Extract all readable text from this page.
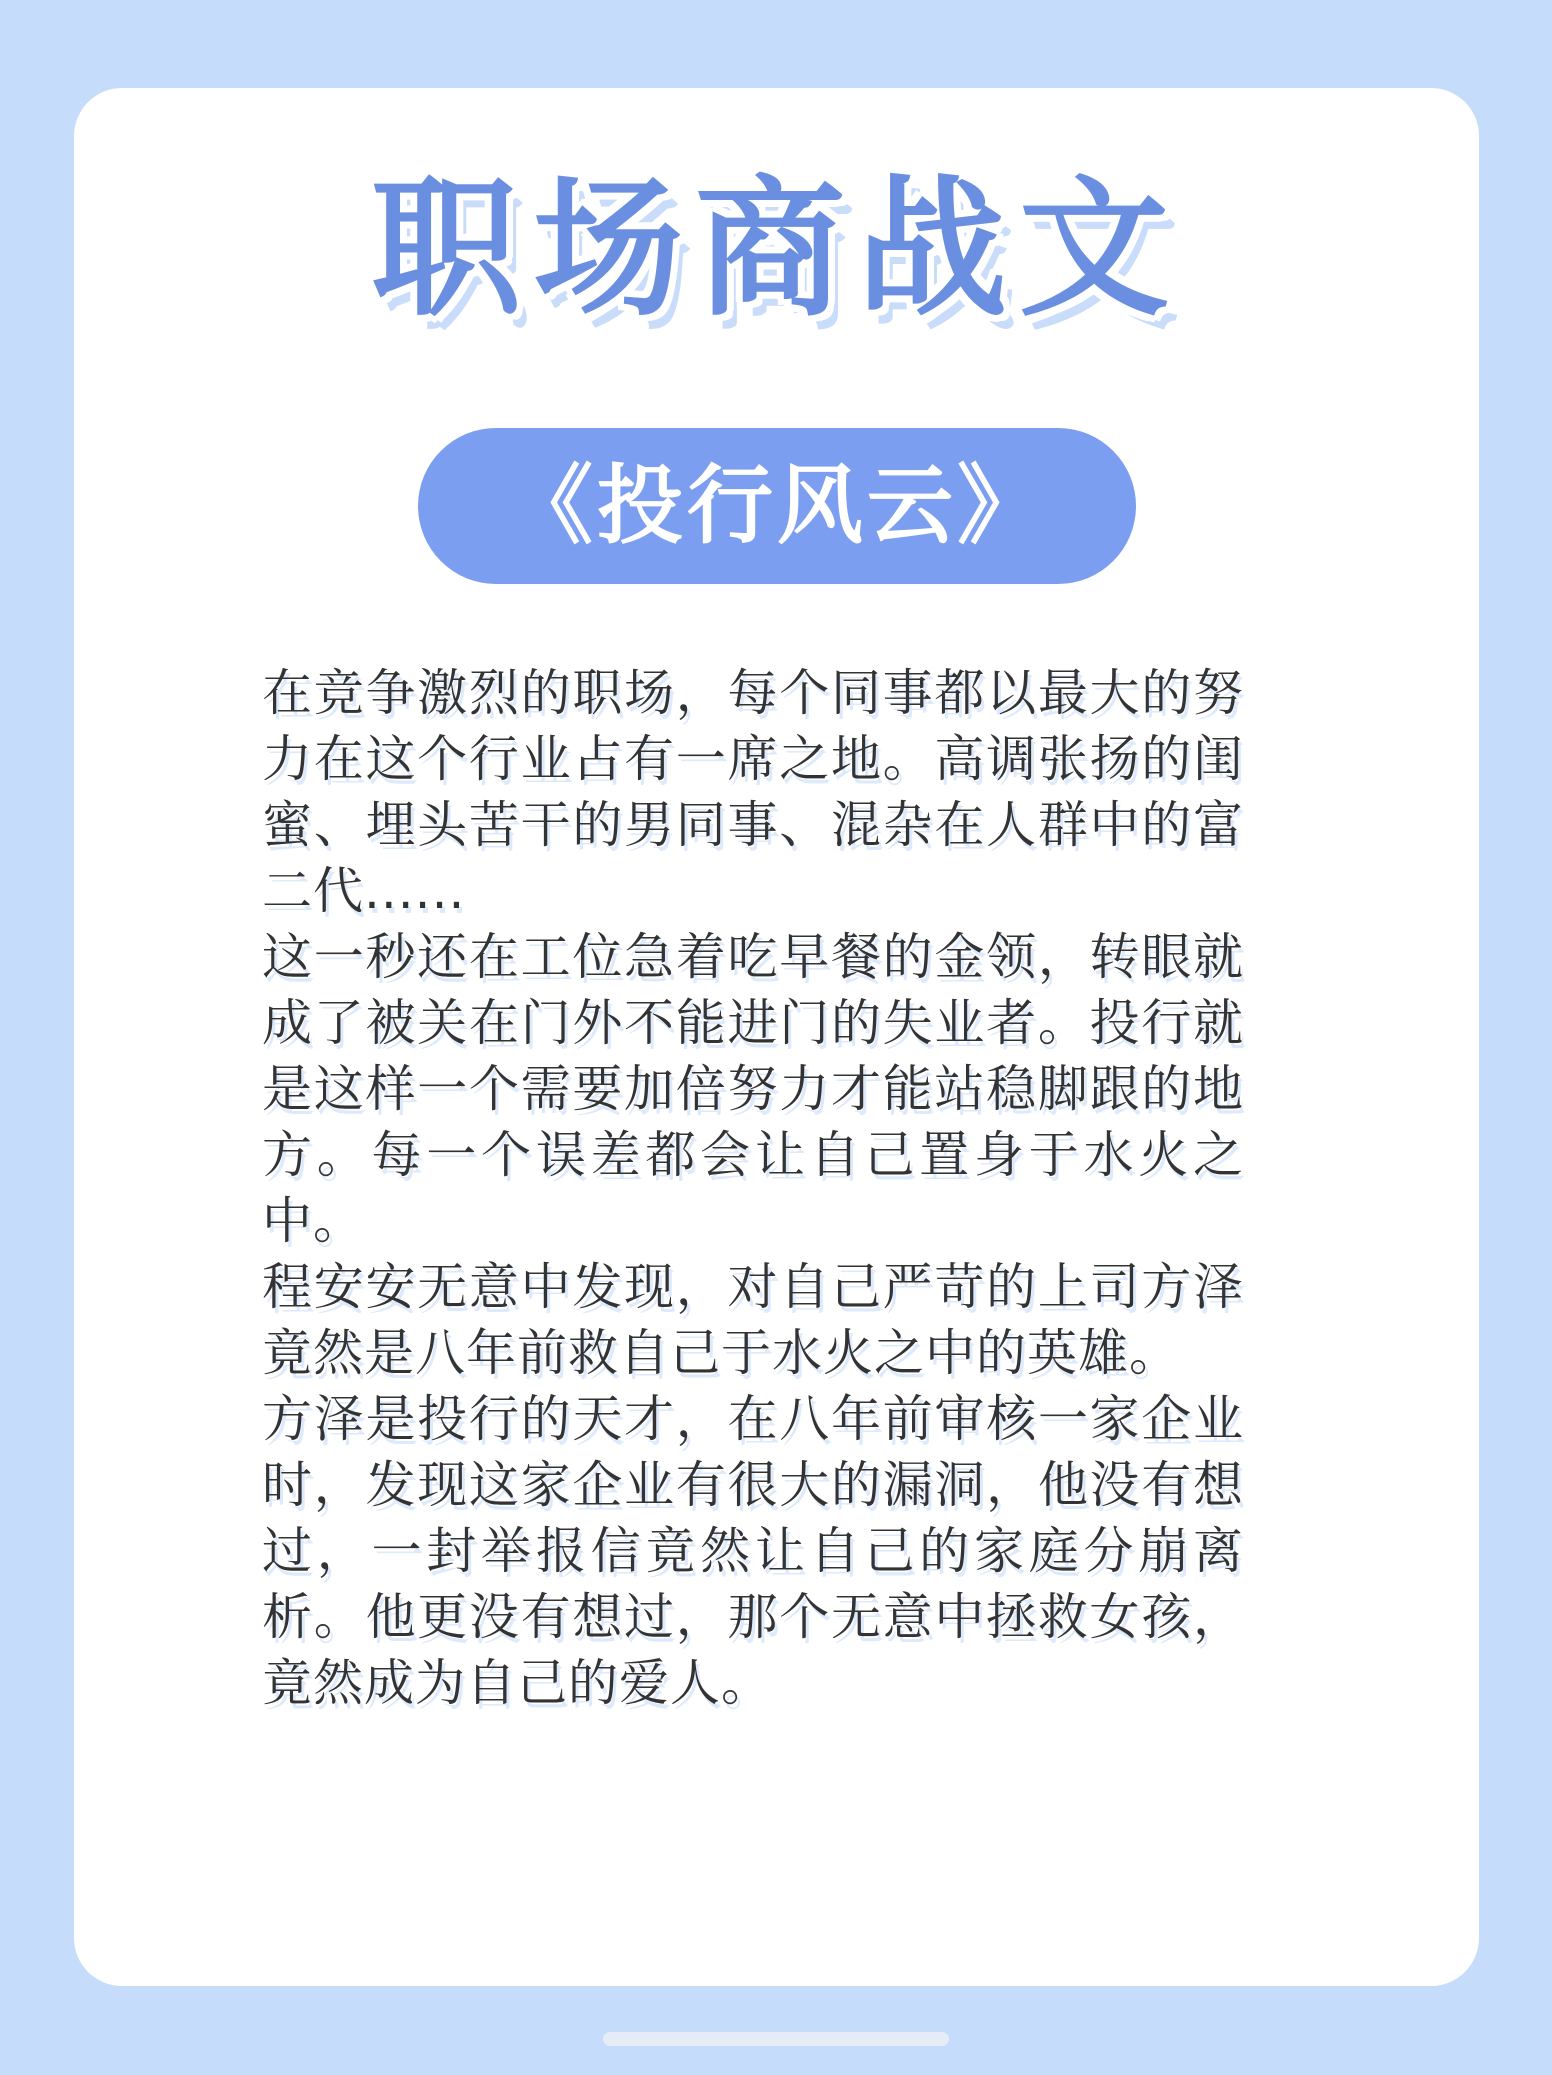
职场商战文
《投行风云》

在竞争激烈的职场，每个同事都以最大的努力在这个行业占有一席之地。高调张扬的闺蜜、埋头苦干的男同事、混杂在人群中的富二代......

这一秒还在工位急着吃早餐的金领，转眼就成了被关在门外不能进门的失业者。投行就是这样一个需要加倍努力才能站稳脚跟的地方。每一个误差都会让自己置身于水火之中。

程安安无意中发现，对自己严苛的上司方泽竟然是八年前救自己于水火之中的英雄。

方泽是投行的天才，在八年前审核一家企业时，发现这家企业有很大的漏洞，他没有想过，一封举报信竟然让自己的家庭分崩离析。他更没有想过，那个无意中拯救女孩，竟然成为自己的爱人。
